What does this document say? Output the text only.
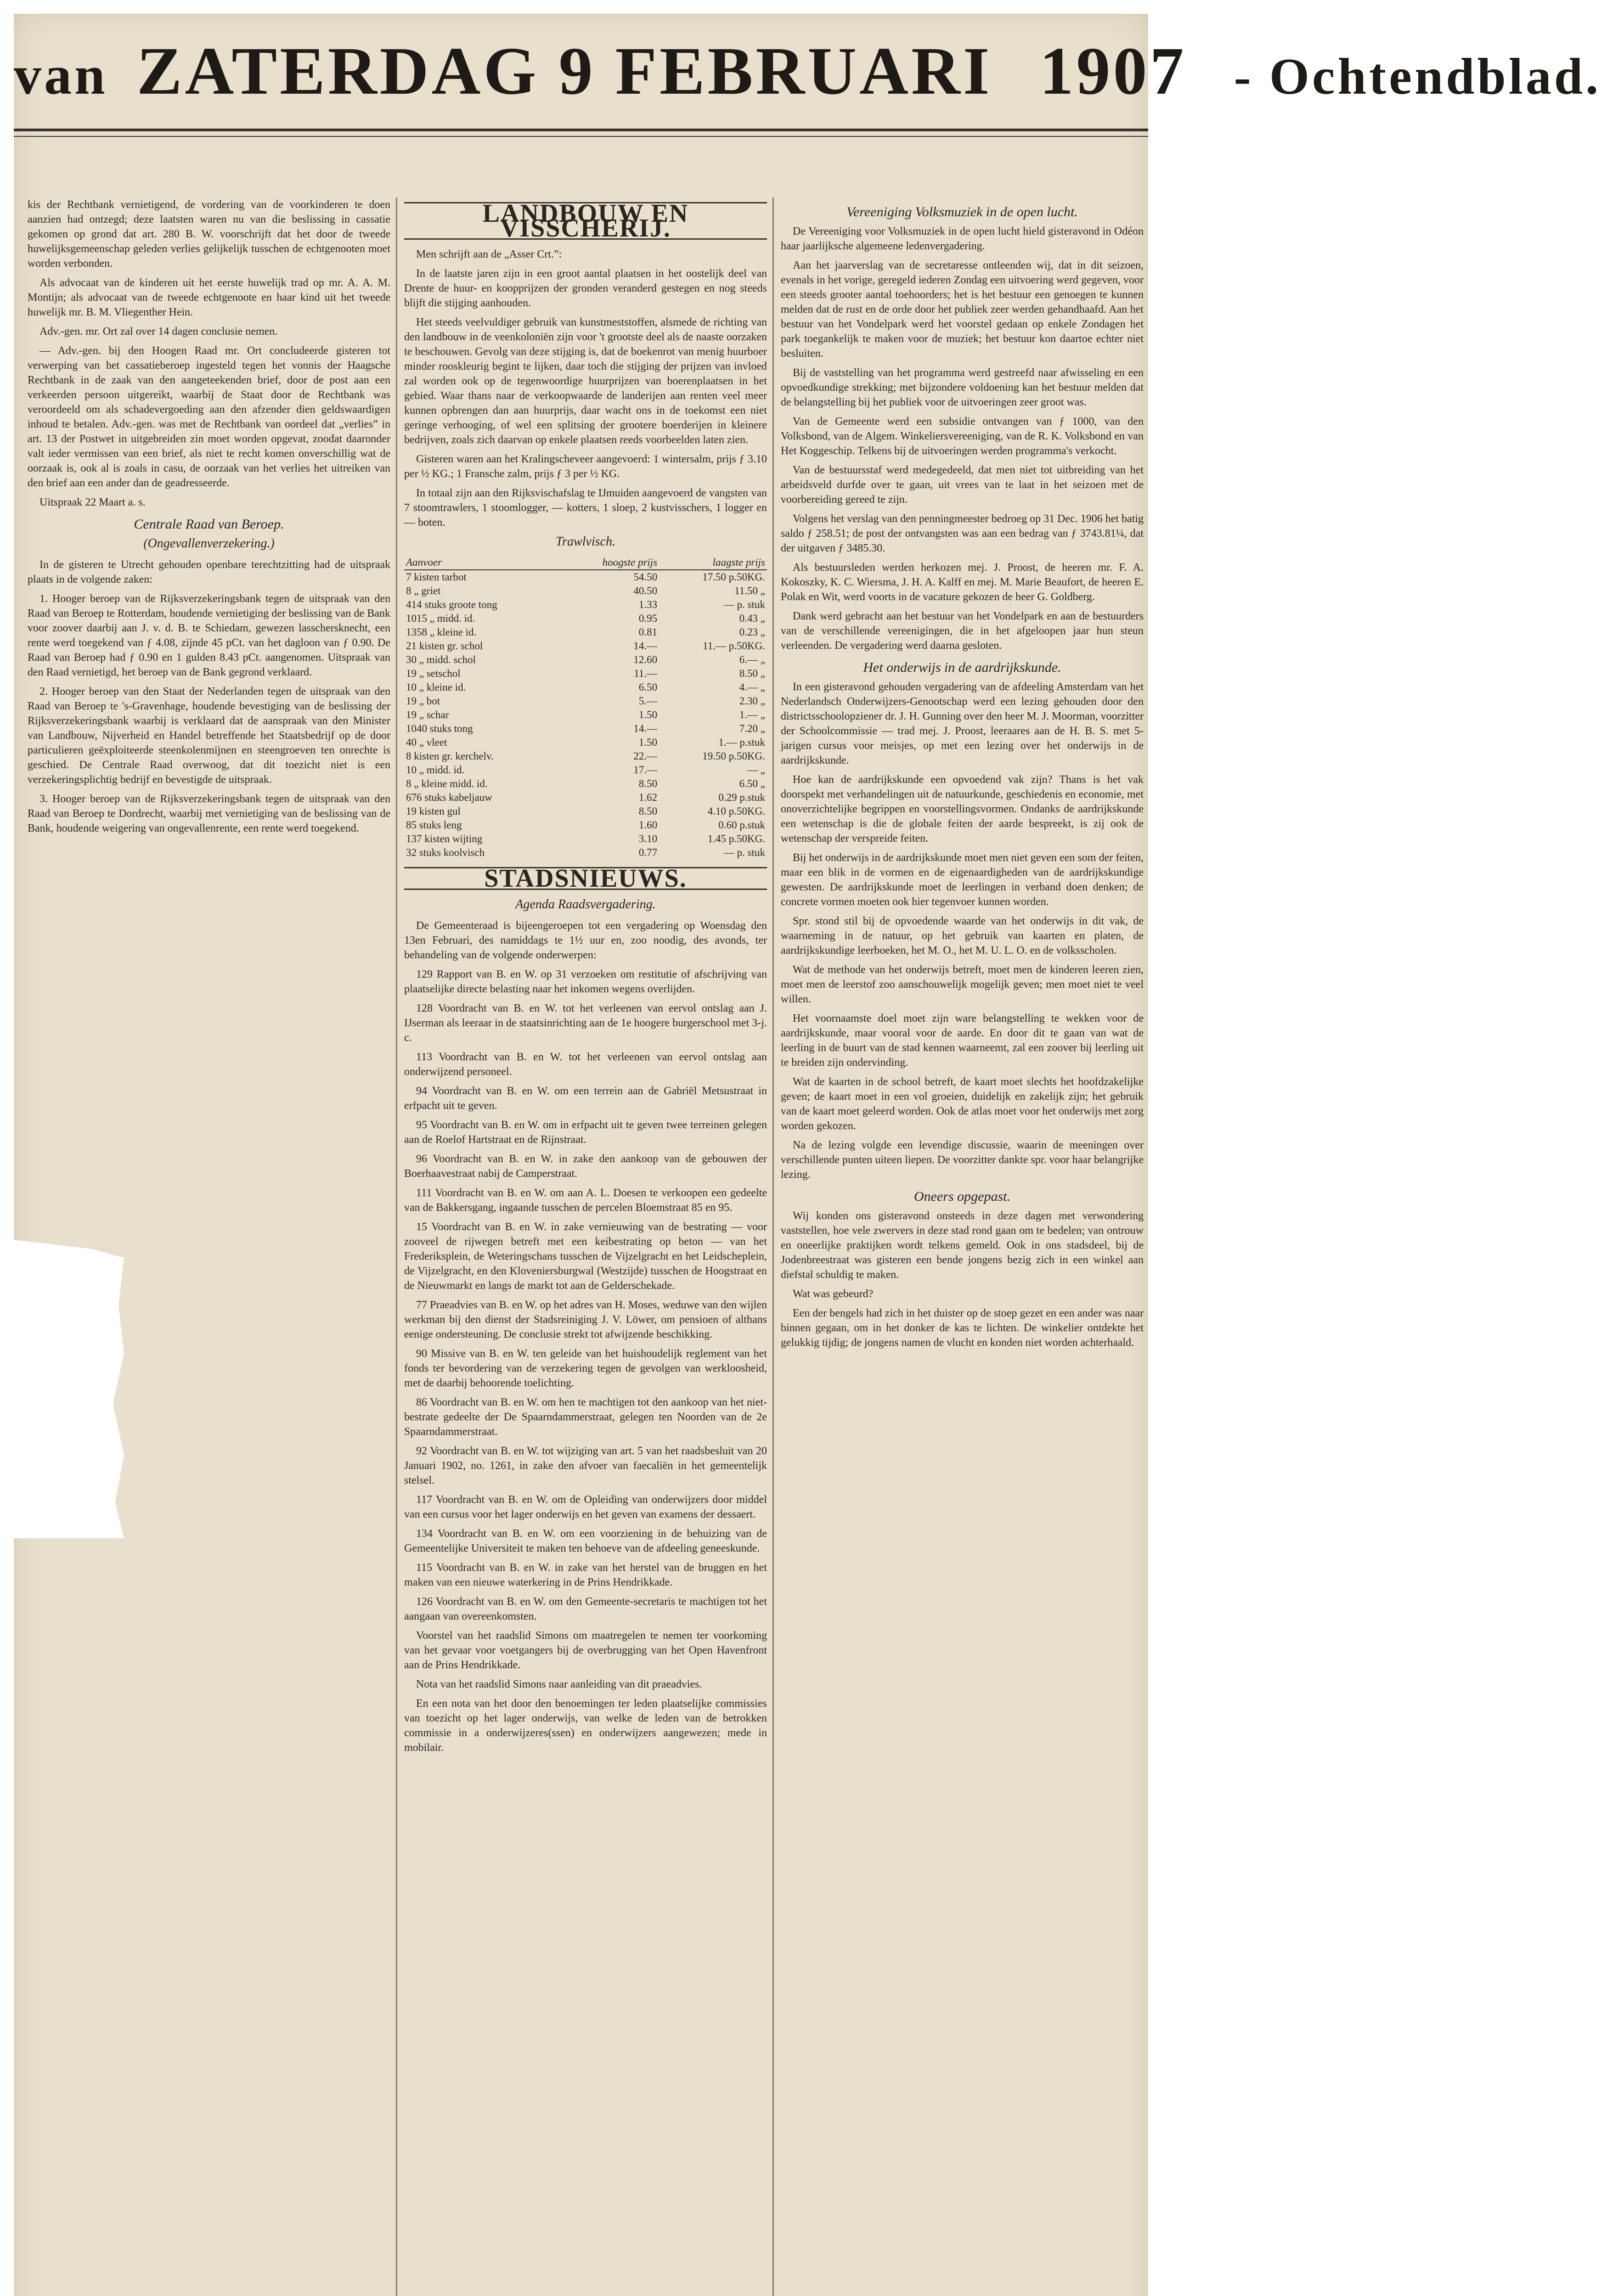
van ZATERDAG 9 FEBRUARI 1907 - Ochtendblad.

kis der Rechtbank vernietigend, de vordering van de voorkinderen te doen aanzien had ontzegd; deze laatsten waren nu van die beslissing in cassatie gekomen op grond dat art. 280 B. W. voorschrijft dat het door de tweede huwelijksgemeenschap geleden verlies gelijkelijk tusschen de echtgenooten moet worden verbonden.

Als advocaat van de kinderen uit het eerste huwelijk trad op mr. A. A. M. Montijn; als advocaat van de tweede echtgenoote en haar kind uit het tweede huwelijk mr. B. M. Vliegenther Hein.

Adv.-gen. mr. Ort zal over 14 dagen conclusie nemen.

— Adv.-gen. bij den Hoogen Raad mr. Ort concludeerde gisteren tot verwerping van het cassatieberoep ingesteld tegen het vonnis der Haagsche Rechtbank in de zaak van den aangeteekenden brief, door de post aan een verkeerden persoon uitgereikt, waarbij de Staat door de Rechtbank was veroordeeld om als schadevergoeding aan den afzender dien geldswaardigen inhoud te betalen. Adv.-gen. was met de Rechtbank van oordeel dat „verlies” in art. 13 der Postwet in uitgebreiden zin moet worden opgevat, zoodat daaronder valt ieder vermissen van een brief, als niet te recht komen onverschillig wat de oorzaak is, ook al is zoals in casu, de oorzaak van het verlies het uitreiken van den brief aan een ander dan de geadresseerde.

Uitspraak 22 Maart a. s.

Centrale Raad van Beroep.
(Ongevallenverzekering.)

In de gisteren te Utrecht gehouden openbare terechtzitting had de uitspraak plaats in de volgende zaken:

1. Hooger beroep van de Rijksverzekeringsbank tegen de uitspraak van den Raad van Beroep te Rotterdam, houdende vernietiging der beslissing van de Bank voor zoover daarbij aan J. v. d. B. te Schiedam, gewezen lasschersknecht, een rente werd toegekend van ƒ 4.08, zijnde 45 pCt. van het dagloon van ƒ 0.90. De Raad van Beroep had ƒ 0.90 en 1 gulden 8.43 pCt. aangenomen. Uitspraak van den Raad vernietigd, het beroep van de Bank gegrond verklaard.

2. Hooger beroep van den Staat der Nederlanden tegen de uitspraak van den Raad van Beroep te 's-Gravenhage, houdende bevestiging van de beslissing der Rijksverzekeringsbank waarbij is verklaard dat de aanspraak van den Minister van Landbouw, Nijverheid en Handel betreffende het Staatsbedrijf op de door particulieren geëxploiteerde steenkolenmijnen en steengroeven ten onrechte is geschied. De Centrale Raad overwoog, dat dit toezicht niet is een verzekeringsplichtig bedrijf en bevestigde de uitspraak.

3. Hooger beroep van de Rijksverzekeringsbank tegen de uitspraak van den Raad van Beroep te Dordrecht, waarbij met vernietiging van de beslissing van de Bank, houdende weigering van ongevallenrente, een rente werd toegekend.

LANDBOUW EN VISSCHERIJ.

Men schrijft aan de „Asser Crt.”:

In de laatste jaren zijn in een groot aantal plaatsen in het oostelijk deel van Drente de huur- en koopprijzen der gronden veranderd gestegen en nog steeds blijft die stijging aanhouden.

Het steeds veelvuldiger gebruik van kunstmeststoffen, alsmede de richting van den landbouw in de veenkoloniën zijn voor 't grootste deel als de naaste oorzaken te beschouwen. Gevolg van deze stijging is, dat de boekenrot van menig huurboer minder rooskleurig begint te lijken, daar toch die stijging der prijzen van invloed zal worden ook op de tegenwoordige huurprijzen van boerenplaatsen in het gebied. Waar thans naar de verkoopwaarde de landerijen aan renten veel meer kunnen opbrengen dan aan huurprijs, daar wacht ons in de toekomst een niet geringe verhooging, of wel een splitsing der grootere boerderijen in kleinere bedrijven, zoals zich daarvan op enkele plaatsen reeds voorbeelden laten zien.

Gisteren waren aan het Kralingscheveer aangevoerd: 1 wintersalm, prijs ƒ 3.10 per ½ KG.; 1 Fransche zalm, prijs ƒ 3 per ½ KG.

In totaal zijn aan den Rijksvischafslag te IJmuiden aangevoerd de vangsten van 7 stoomtrawlers, 1 stoomlogger, — kotters, 1 sloep, 2 kustvisschers, 1 logger en — boten.

Trawlvisch.
Aanvoer		hoogste prijs	laagste prijs
7 kisten tarbot		54.50	17.50 p.50KG.
8 „ griet		40.50	11.50 „
414 stuks groote tong		1.33	— p. stuk
1015 „ midd. id.		0.95	0.43 „
1358 „ kleine id.		0.81	0.23 „
21 kisten gr. schol		14.—	11.— p.50KG.
30 „ midd. schol		12.60	6.— „
19 „ setschol		11.—	8.50 „
10 „ kleine id.		6.50	4.— „
19 „ bot		5.—	2.30 „
19 „ schar		1.50	1.— „
1040 stuks tong		14.—	7.20 „
40 „ vleet		1.50	1.— p.stuk
8 kisten gr. kerchelv.		22.—	19.50 p.50KG.
10 „ midd. id.		17.—	— „
8 „ kleine midd. id.		8.50	6.50 „
676 stuks kabeljauw		1.62	0.29 p.stuk
19 kisten gul		8.50	4.10 p.50KG.
85 stuks leng		1.60	0.60 p.stuk
137 kisten wijting		3.10	1.45 p.50KG.
32 stuks koolvisch		0.77	— p. stuk
STADSNIEUWS.
Agenda Raadsvergadering.

De Gemeenteraad is bijeengeroepen tot een vergadering op Woensdag den 13en Februari, des namiddags te 1½ uur en, zoo noodig, des avonds, ter behandeling van de volgende onderwerpen:

129 Rapport van B. en W. op 31 verzoeken om restitutie of afschrijving van plaatselijke directe belasting naar het inkomen wegens overlijden.

128 Voordracht van B. en W. tot het verleenen van eervol ontslag aan J. IJserman als leeraar in de staatsinrichting aan de 1e hoogere burgerschool met 3-j. c.

113 Voordracht van B. en W. tot het verleenen van eervol ontslag aan onderwijzend personeel.

94 Voordracht van B. en W. om een terrein aan de Gabriël Metsustraat in erfpacht uit te geven.

95 Voordracht van B. en W. om in erfpacht uit te geven twee terreinen gelegen aan de Roelof Hartstraat en de Rijnstraat.

96 Voordracht van B. en W. in zake den aankoop van de gebouwen der Boerhaavestraat nabij de Camperstraat.

111 Voordracht van B. en W. om aan A. L. Doesen te verkoopen een gedeelte van de Bakkersgang, ingaande tusschen de percelen Bloemstraat 85 en 95.

15 Voordracht van B. en W. in zake vernieuwing van de bestrating — voor zooveel de rijwegen betreft met een keibestrating op beton — van het Frederiksplein, de Weteringschans tusschen de Vijzelgracht en het Leidscheplein, de Vijzelgracht, en den Kloveniersburgwal (Westzijde) tusschen de Hoogstraat en de Nieuwmarkt en langs de markt tot aan de Gelderschekade.

77 Praeadvies van B. en W. op het adres van H. Moses, weduwe van den wijlen werkman bij den dienst der Stadsreiniging J. V. Löwer, om pensioen of althans eenige ondersteuning. De conclusie strekt tot afwijzende beschikking.

90 Missive van B. en W. ten geleide van het huishoudelijk reglement van het fonds ter bevordering van de verzekering tegen de gevolgen van werkloosheid, met de daarbij behoorende toelichting.

86 Voordracht van B. en W. om hen te machtigen tot den aankoop van het niet-bestrate gedeelte der De Spaarndammerstraat, gelegen ten Noorden van de 2e Spaarndammerstraat.

92 Voordracht van B. en W. tot wijziging van art. 5 van het raadsbesluit van 20 Januari 1902, no. 1261, in zake den afvoer van faecaliën in het gemeentelijk stelsel.

117 Voordracht van B. en W. om de Opleiding van onderwijzers door middel van een cursus voor het lager onderwijs en het geven van examens der dessaert.

134 Voordracht van B. en W. om een voorziening in de behuizing van de Gemeentelijke Universiteit te maken ten behoeve van de afdeeling geneeskunde.

115 Voordracht van B. en W. in zake van het herstel van de bruggen en het maken van een nieuwe waterkering in de Prins Hendrikkade.

126 Voordracht van B. en W. om den Gemeente-secretaris te machtigen tot het aangaan van overeenkomsten.

Voorstel van het raadslid Simons om maatregelen te nemen ter voorkoming van het gevaar voor voetgangers bij de overbrugging van het Open Havenfront aan de Prins Hendrikkade.

Nota van het raadslid Simons naar aanleiding van dit praeadvies.

En een nota van het door den benoemingen ter leden plaatselijke commissies van toezicht op het lager onderwijs, van welke de leden van de betrokken commissie in a onderwijzeres(ssen) en onderwijzers aangewezen; mede in mobilair.

Vereeniging Volksmuziek in de open lucht.

De Vereeniging voor Volksmuziek in de open lucht hield gisteravond in Odéon haar jaarlijksche algemeene ledenvergadering.

Aan het jaarverslag van de secretaresse ontleenden wij, dat in dit seizoen, evenals in het vorige, geregeld iederen Zondag een uitvoering werd gegeven, voor een steeds grooter aantal toehoorders; het is het bestuur een genoegen te kunnen melden dat de rust en de orde door het publiek zeer werden gehandhaafd. Aan het bestuur van het Vondelpark werd het voorstel gedaan op enkele Zondagen het park toegankelijk te maken voor de muziek; het bestuur kon daartoe echter niet besluiten.

Bij de vaststelling van het programma werd gestreefd naar afwisseling en een opvoedkundige strekking; met bijzondere voldoening kan het bestuur melden dat de belangstelling bij het publiek voor de uitvoeringen zeer groot was.

Van de Gemeente werd een subsidie ontvangen van ƒ 1000, van den Volksbond, van de Algem. Winkeliersvereeniging, van de R. K. Volksbond en van Het Koggeschip. Telkens bij de uitvoeringen werden programma's verkocht.

Van de bestuursstaf werd medegedeeld, dat men niet tot uitbreiding van het arbeidsveld durfde over te gaan, uit vrees van te laat in het seizoen met de voorbereiding gereed te zijn.

Volgens het verslag van den penningmeester bedroeg op 31 Dec. 1906 het batig saldo ƒ 258.51; de post der ontvangsten was aan een bedrag van ƒ 3743.81¼, dat der uitgaven ƒ 3485.30.

Als bestuursleden werden herkozen mej. J. Proost, de heeren mr. F. A. Kokoszky, K. C. Wiersma, J. H. A. Kalff en mej. M. Marie Beaufort, de heeren E. Polak en Wit, werd voorts in de vacature gekozen de heer G. Goldberg.

Dank werd gebracht aan het bestuur van het Vondelpark en aan de bestuurders van de verschillende vereenigingen, die in het afgeloopen jaar hun steun verleenden. De vergadering werd daarna gesloten.

Het onderwijs in de aardrijkskunde.

In een gisteravond gehouden vergadering van de afdeeling Amsterdam van het Nederlandsch Onderwijzers-Genootschap werd een lezing gehouden door den districtsschoolopziener dr. J. H. Gunning over den heer M. J. Moorman, voorzitter der Schoolcommissie — trad mej. J. Proost, leeraares aan de H. B. S. met 5-jarigen cursus voor meisjes, op met een lezing over het onderwijs in de aardrijkskunde.

Hoe kan de aardrijkskunde een opvoedend vak zijn? Thans is het vak doorspekt met verhandelingen uit de natuurkunde, geschiedenis en economie, met onoverzichtelijke begrippen en voorstellingsvormen. Ondanks de aardrijkskunde een wetenschap is die de globale feiten der aarde bespreekt, is zij ook de wetenschap der verspreide feiten.

Bij het onderwijs in de aardrijkskunde moet men niet geven een som der feiten, maar een blik in de vormen en de eigenaardigheden van de aardrijkskundige gewesten. De aardrijkskunde moet de leerlingen in verband doen denken; de concrete vormen moeten ook hier tegenvoer kunnen worden.

Spr. stond stil bij de opvoedende waarde van het onderwijs in dit vak, de waarneming in de natuur, op het gebruik van kaarten en platen, de aardrijkskundige leerboeken, het M. O., het M. U. L. O. en de volksscholen.

Wat de methode van het onderwijs betreft, moet men de kinderen leeren zien, moet men de leerstof zoo aanschouwelijk mogelijk geven; men moet niet te veel willen.

Het voornaamste doel moet zijn ware belangstelling te wekken voor de aardrijkskunde, maar vooral voor de aarde. En door dit te gaan van wat de leerling in de buurt van de stad kennen waarneemt, zal een zoover bij leerling uit te breiden zijn ondervinding.

Wat de kaarten in de school betreft, de kaart moet slechts het hoofdzakelijke geven; de kaart moet in een vol groeien, duidelijk en zakelijk zijn; het gebruik van de kaart moet geleerd worden. Ook de atlas moet voor het onderwijs met zorg worden gekozen.

Na de lezing volgde een levendige discussie, waarin de meeningen over verschillende punten uiteen liepen. De voorzitter dankte spr. voor haar belangrijke lezing.

Oneers opgepast.

Wij konden ons gisteravond onsteeds in deze dagen met verwondering vaststellen, hoe vele zwervers in deze stad rond gaan om te bedelen; van ontrouw en oneerlijke praktijken wordt telkens gemeld. Ook in ons stadsdeel, bij de Jodenbreestraat was gisteren een bende jongens bezig zich in een winkel aan diefstal schuldig te maken.

Wat was gebeurd?

Een der bengels had zich in het duister op de stoep gezet en een ander was naar binnen gegaan, om in het donker de kas te lichten. De winkelier ontdekte het gelukkig tijdig; de jongens namen de vlucht en konden niet worden achterhaald.
